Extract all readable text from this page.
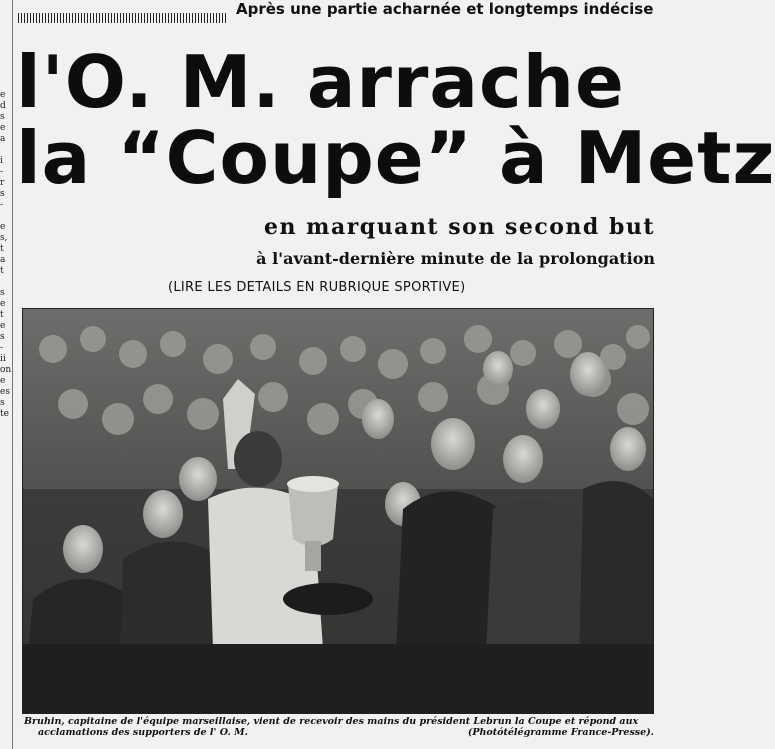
e
d
s
e
a

i
-
r
s
-

e
s,
t
a
t

s
e
t
e
s
-
ii
on
e
es
s
te
Après une partie acharnée et longtemps indécise
l'O. M. arrache
la “Coupe” à Metz
en marquant son second but
à l'avant-dernière minute de la prolongation
(LIRE LES DETAILS EN RUBRIQUE SPORTIVE)
Bruhin, capitaine de l'équipe marseillaise, vient de recevoir des mains du président Lebrun la Coupe et répond aux
acclamations des supporters de l' O. M.	(Photótélégramme France-Presse).
